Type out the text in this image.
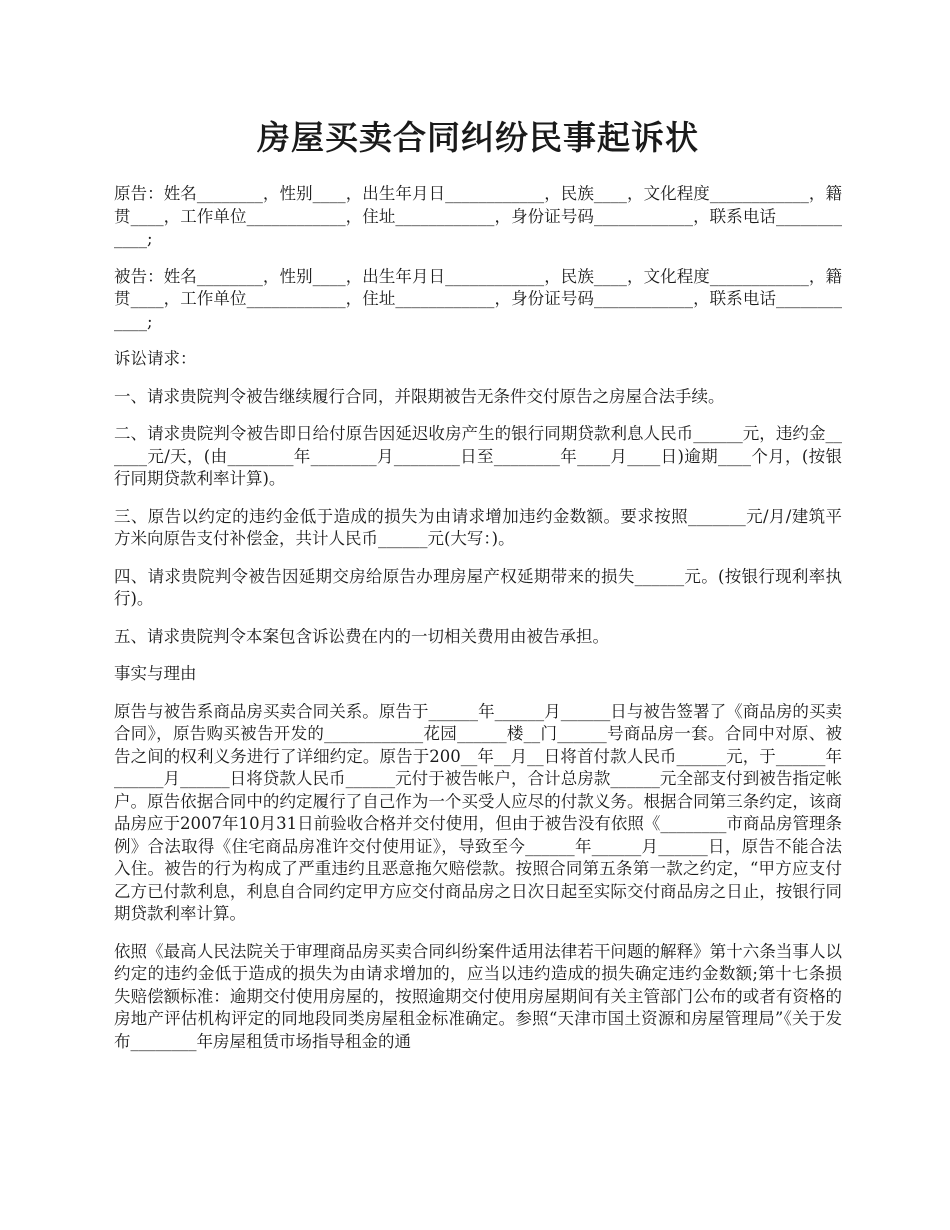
房屋买卖合同纠纷民事起诉状

原告：姓名________，性别____，出生年月日____________，民族____，文化程度____________，籍贯____，工作单位____________，住址____________，身份证号码____________，联系电话____________;

被告：姓名________，性别____，出生年月日____________，民族____，文化程度____________，籍贯____，工作单位____________，住址____________，身份证号码____________，联系电话____________;

诉讼请求：

一、请求贵院判令被告继续履行合同，并限期被告无条件交付原告之房屋合法手续。

二、请求贵院判令被告即日给付原告因延迟收房产生的银行同期贷款利息人民币______元，违约金______元/天，(由________年________月________日至________年____月____日)逾期____个月，(按银行同期贷款利率计算)。

三、原告以约定的违约金低于造成的损失为由请求增加违约金数额。要求按照_______元/月/建筑平方米向原告支付补偿金，共计人民币______元(大写：)。

四、请求贵院判令被告因延期交房给原告办理房屋产权延期带来的损失______元。(按银行现利率执行)。

五、请求贵院判令本案包含诉讼费在内的一切相关费用由被告承担。

事实与理由

原告与被告系商品房买卖合同关系。原告于______年______月______日与被告签署了《商品房的买卖合同》，原告购买被告开发的____________花园______楼__门______号商品房一套。合同中对原、被告之间的权利义务进行了详细约定。原告于200__年__月__日将首付款人民币______元，于______年______月______日将贷款人民币______元付于被告帐户，合计总房款______元全部支付到被告指定帐户。原告依据合同中的约定履行了自己作为一个买受人应尽的付款义务。根据合同第三条约定，该商品房应于2007年10月31日前验收合格并交付使用，但由于被告没有依照《________市商品房管理条例》合法取得《住宅商品房准许交付使用证》，导致至今______年______月______日，原告不能合法入住。被告的行为构成了严重违约且恶意拖欠赔偿款。按照合同第五条第一款之约定，“甲方应支付乙方已付款利息，利息自合同约定甲方应交付商品房之日次日起至实际交付商品房之日止，按银行同期贷款利率计算。

依照《最高人民法院关于审理商品房买卖合同纠纷案件适用法律若干问题的解释》第十六条当事人以约定的违约金低于造成的损失为由请求增加的，应当以违约造成的损失确定违约金数额;第十七条损失赔偿额标准：逾期交付使用房屋的，按照逾期交付使用房屋期间有关主管部门公布的或者有资格的房地产评估机构评定的同地段同类房屋租金标准确定。参照“天津市国土资源和房屋管理局”《关于发布________年房屋租赁市场指导租金的通
